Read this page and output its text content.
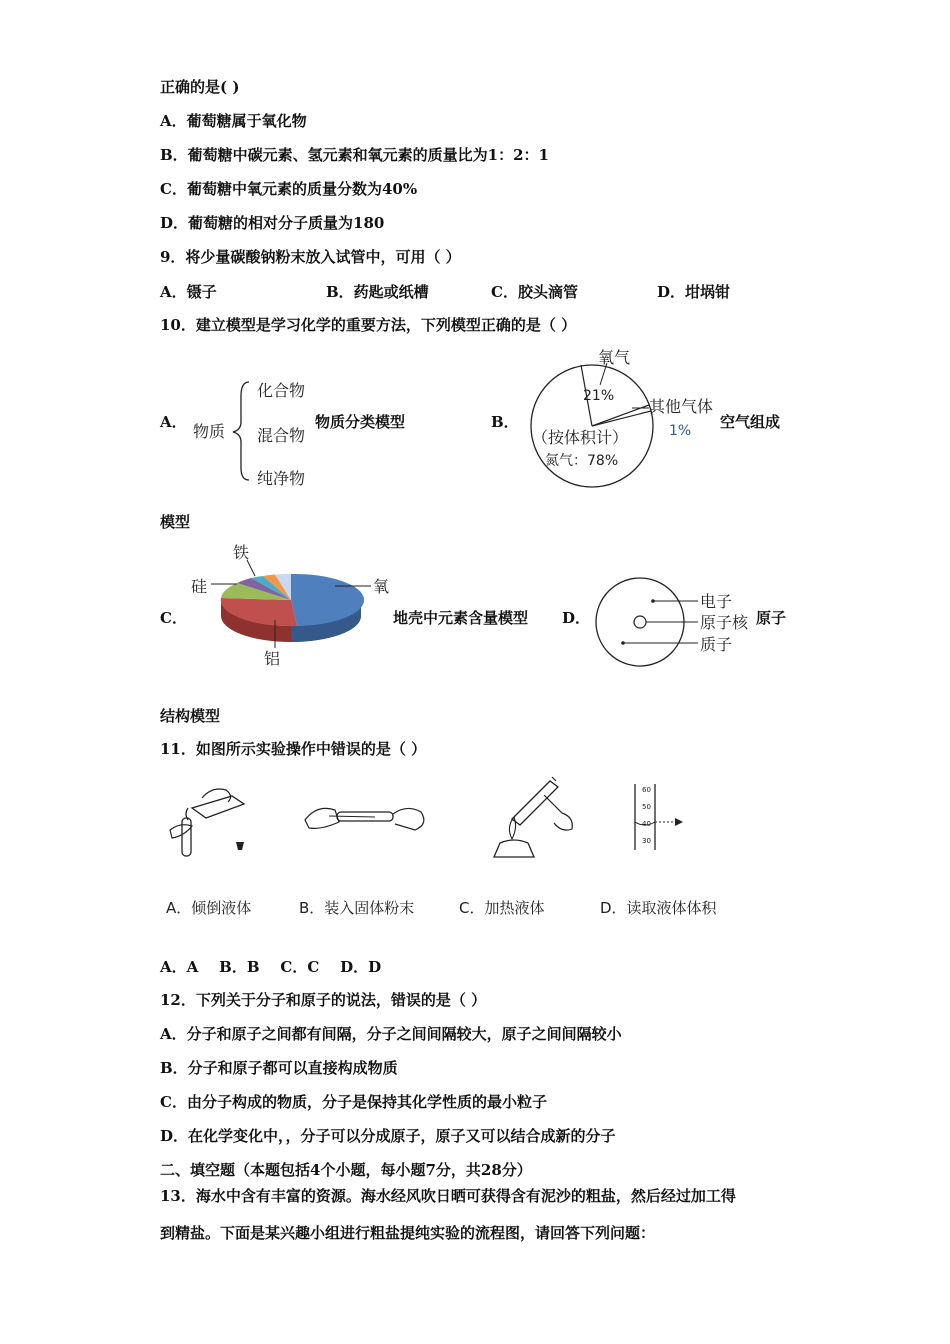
正确的是( )
A．葡萄糖属于氧化物
B．葡萄糖中碳元素、氢元素和氧元素的质量比为1：2：1
C．葡萄糖中氧元素的质量分数为40%
D．葡萄糖的相对分子质量为180
9．将少量碳酸钠粉末放入试管中，可用（ ）
A．镊子	B．药匙或纸槽	C．胶头滴管	D．坩埚钳
10．建立模型是学习化学的重要方法，下列模型正确的是（ ）
A． 物质
化合物
混合物
纯净物
物质分类模型	B．
氧气
21%
其他气体
1%
（按体积计）
氮气：78%
空气组成
模型
C．
铁
硅	氧
铝
地壳中元素含量模型
结构模型
D．
电子
原子核
质子
原子
11．如图所示实验操作中错误的是（ ）
60
50
40
30
A．倾倒液体	B．装入固体粉末	C．加热液体	D．读取液体体积
A．A    B．B    C．C    D．D
12．下列关于分子和原子的说法，错误的是（ ）
A．分子和原子之间都有间隔，分子之间间隔较大，原子之间间隔较小
B．分子和原子都可以直接构成物质
C．由分子构成的物质，分子是保持其化学性质的最小粒子
D．在化学变化中，，分子可以分成原子，原子又可以结合成新的分子
二、填空题（本题包括4个小题，每小题7分，共28分）
13．海水中含有丰富的资源。海水经风吹日晒可获得含有泥沙的粗盐，然后经过加工得
到精盐。下面是某兴趣小组进行粗盐提纯实验的流程图，请回答下列问题：
